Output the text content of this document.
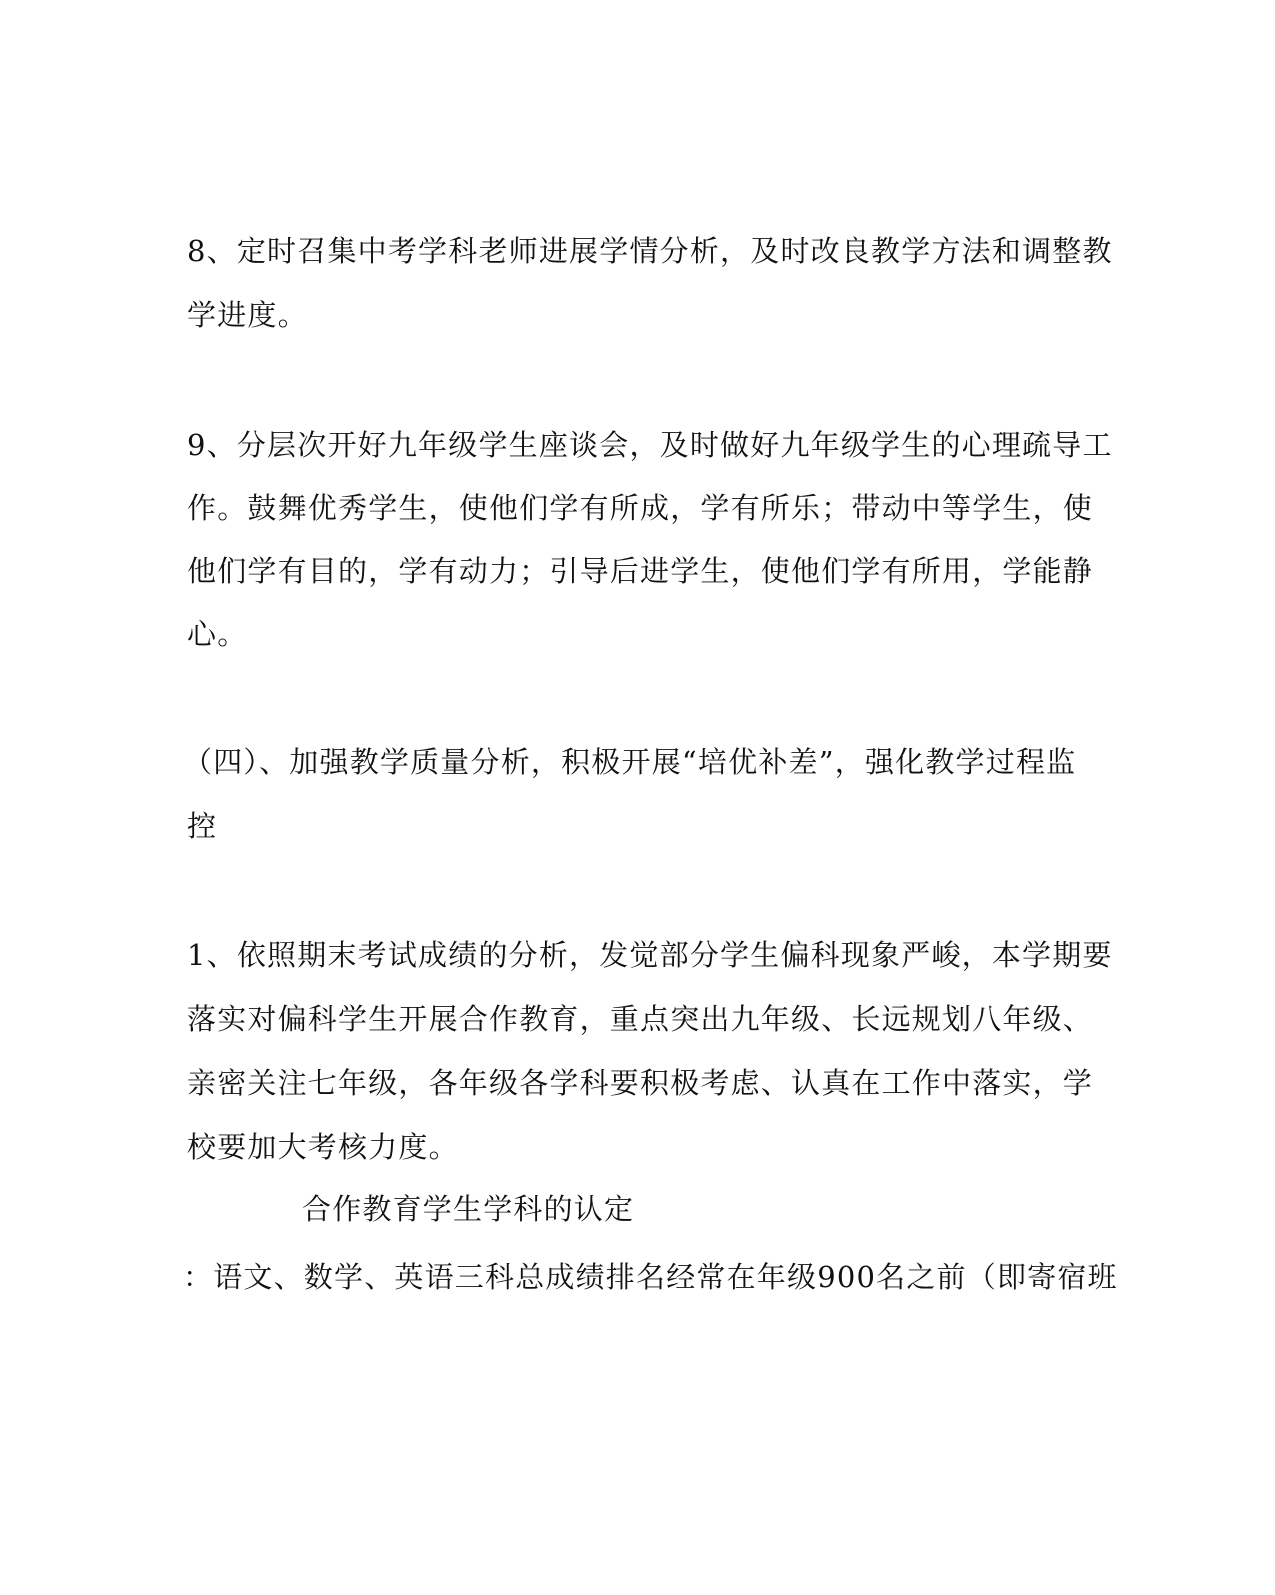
8、定时召集中考学科老师进展学情分析，及时改良教学方法和调整教

学进度。

9、分层次开好九年级学生座谈会，及时做好九年级学生的心理疏导工

作。鼓舞优秀学生，使他们学有所成，学有所乐；带动中等学生，使

他们学有目的，学有动力；引导后进学生，使他们学有所用，学能静

心。

（四）、加强教学质量分析，积极开展“培优补差”，强化教学过程监

控

1、依照期末考试成绩的分析，发觉部分学生偏科现象严峻，本学期要

落实对偏科学生开展合作教育，重点突出九年级、长远规划八年级、

亲密关注七年级，各年级各学科要积极考虑、认真在工作中落实，学

校要加大考核力度。

合作教育学生学科的认定

：语文、数学、英语三科总成绩排名经常在年级900名之前（即寄宿班
